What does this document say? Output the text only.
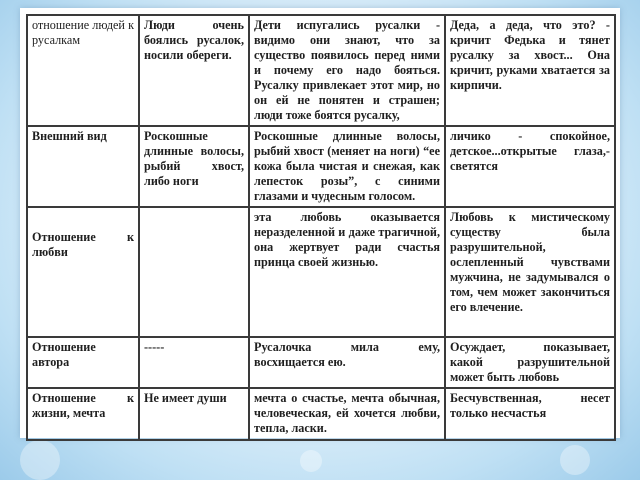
отношение людей к русалкам	Люди очень боялись русалок, носили обереги.	Дети испугались русалки - видимо они знают, что за существо появилось перед ними и почему его надо бояться. Русалку привлекает этот мир, но он ей не понятен и страшен; люди тоже боятся русалку,	Деда, а деда, что это? - кричит Федька и тянет русалку за хвост... Она кричит, руками хватается за кирпичи.
Внешний вид	Роскошные длинные волосы, рыбий хвост, либо ноги	Роскошные длинные волосы, рыбий хвост (меняет на ноги) “ее кожа была чистая и снежая, как лепесток розы”, с синими глазами и чудесным голосом.	личико - спокойное, детское...открытые глаза,- светятся
Отношение к любви		эта любовь оказывается неразделенной и даже трагичной, она жертвует ради счастья принца своей жизнью.	Любовь к мистическому существу была разрушительной, ослепленный чувствами мужчина, не задумывался о том, чем может закончиться его влечение.
Отношение автора	-----	Русалочка мила ему, восхищается ею.	Осуждает, показывает, какой разрушительной может быть любовь
Отношение к жизни, мечта	Не имеет души	мечта о счастье, мечта обычная, человеческая, ей хочется любви, тепла, ласки.	Бесчувственная, несет только несчастья
